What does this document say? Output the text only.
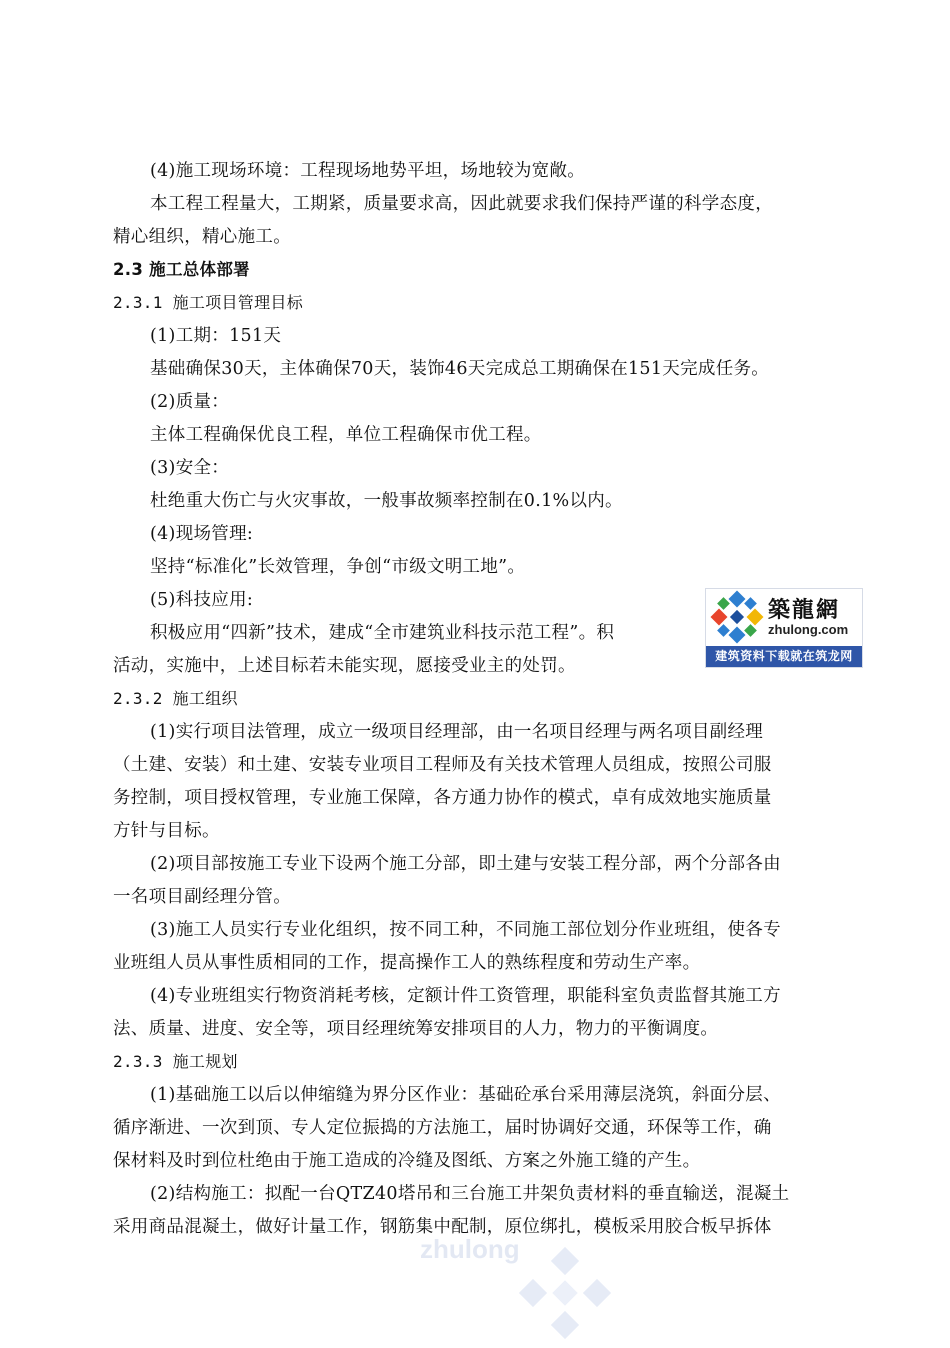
(4)施工现场环境：工程现场地势平坦，场地较为宽敞。
本工程工程量大，工期紧，质量要求高，因此就要求我们保持严谨的科学态度，
精心组织，精心施工。
2.3 施工总体部署
2.3.1 施工项目管理目标
(1)工期：151天
基础确保30天，主体确保70天，装饰46天完成总工期确保在151天完成任务。
(2)质量：
主体工程确保优良工程，单位工程确保市优工程。
(3)安全：
杜绝重大伤亡与火灾事故，一般事故频率控制在0.1%以内。
(4)现场管理:
坚持“标准化”长效管理，争创“市级文明工地”。
(5)科技应用:
积极应用“四新”技术，建成“全市建筑业科技示范工程”。积
活动，实施中，上述目标若未能实现，愿接受业主的处罚。
2.3.2 施工组织
(1)实行项目法管理，成立一级项目经理部，由一名项目经理与两名项目副经理
（土建、安装）和土建、安装专业项目工程师及有关技术管理人员组成，按照公司服
务控制，项目授权管理，专业施工保障，各方通力协作的模式，卓有成效地实施质量
方针与目标。
(2)项目部按施工专业下设两个施工分部，即土建与安装工程分部，两个分部各由
一名项目副经理分管。
(3)施工人员实行专业化组织，按不同工种，不同施工部位划分作业班组，使各专
业班组人员从事性质相同的工作，提高操作工人的熟练程度和劳动生产率。
(4)专业班组实行物资消耗考核，定额计件工资管理，职能科室负责监督其施工方
法、质量、进度、安全等，项目经理统筹安排项目的人力，物力的平衡调度。
2.3.3 施工规划
(1)基础施工以后以伸缩缝为界分区作业：基础砼承台采用薄层浇筑，斜面分层、
循序渐进、一次到顶、专人定位振捣的方法施工，届时协调好交通，环保等工作，确
保材料及时到位杜绝由于施工造成的冷缝及图纸、方案之外施工缝的产生。
(2)结构施工：拟配一台QTZ40塔吊和三台施工井架负责材料的垂直输送，混凝土
采用商品混凝土，做好计量工作，钢筋集中配制，原位绑扎，模板采用胶合板早拆体
築龍網
zhulong.com
建筑资料下载就在筑龙网
zhulong
